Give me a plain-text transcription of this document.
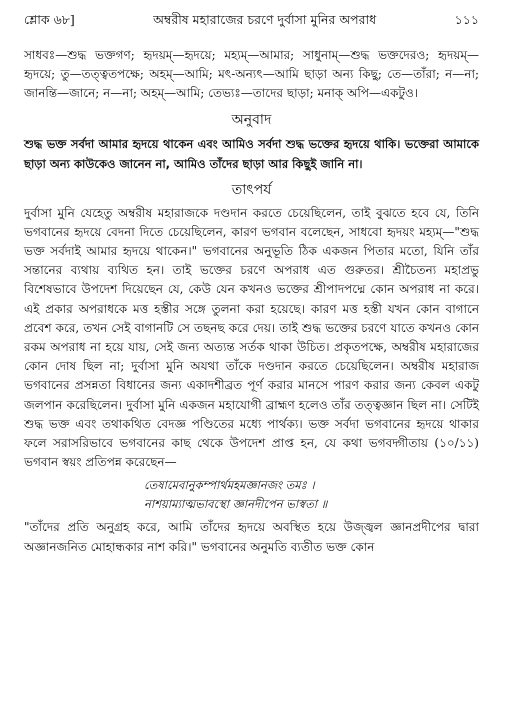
শ্লোক ৬৮]	অম্বরীষ মহারাজের চরণে দুর্বাসা মুনির অপরাধ	১১১

সাধবঃ—শুদ্ধ ভক্তগণ; হৃদয়ম্—হৃদয়ে; মহ্যম্—আমার; সাধুনাম্—শুদ্ধ ভক্তদেরও; হৃদয়ম্—হৃদয়ে; তু—তত্ত্বতপক্ষে; অহম্—আমি; মৎ-অন্যৎ—আমি ছাড়া অন্য কিছু; তে—তাঁরা; ন—না; জানন্তি—জানে; ন—না; অহম্—আমি; তেভ্যঃ—তাদের ছাড়া; মনাক্ অপি—একটুও।

অনুবাদ

শুদ্ধ ভক্ত সর্বদা আমার হৃদয়ে থাকেন এবং আমিও সর্বদা শুদ্ধ ভক্তের হৃদয়ে থাকি। ভক্তেরা আমাকে ছাড়া অন্য কাউকেও জানেন না, আমিও তাঁদের ছাড়া আর কিছুই জানি না।

তাৎপর্য

দুর্বাসা মুনি যেহেতু অম্বরীষ মহারাজকে দণ্ডদান করতে চেয়েছিলেন, তাই বুঝতে হবে যে, তিনি ভগবানের হৃদয়ে বেদনা দিতে চেয়েছিলেন, কারণ ভগবান বলেছেন, সাধবো হৃদয়ং মহ্যম্—"শুদ্ধ ভক্ত সর্বদাই আমার হৃদয়ে থাকেন।" ভগবানের অনুভূতি ঠিক একজন পিতার মতো, যিনি তাঁর সন্তানের ব্যথায় ব্যথিত হন। তাই ভক্তের চরণে অপরাধ এত গুরুতর। শ্রীচৈতন্য মহাপ্রভু বিশেষভাবে উপদেশ দিয়েছেন যে, কেউ যেন কখনও ভক্তের শ্রীপাদপদ্মে কোন অপরাধ না করে। এই প্রকার অপরাধকে মত্ত হস্তীর সঙ্গে তুলনা করা হয়েছে। কারণ মত্ত হস্তী যখন কোন বাগানে প্রবেশ করে, তখন সেই বাগানটি সে তছনছ করে দেয়। তাই শুদ্ধ ভক্তের চরণে যাতে কখনও কোন রকম অপরাধ না হয়ে যায়, সেই জন্য অত্যন্ত সর্তক থাকা উচিত। প্রকৃতপক্ষে, অম্বরীষ মহারাজের কোন দোষ ছিল না; দুর্বাসা মুনি অযথা তাঁকে দণ্ডদান করতে চেয়েছিলেন। অম্বরীষ মহারাজ ভগবানের প্রসন্নতা বিধানের জন্য একাদশীব্রত পূর্ণ করার মানসে পারণ করার জন্য কেবল একটু জলপান করেছিলেন। দুর্বাসা মুনি একজন মহাযোগী ব্রাহ্মণ হলেও তাঁর তত্ত্বজ্ঞান ছিল না। সেটিই শুদ্ধ ভক্ত এবং তথাকথিত বেদজ্ঞ পণ্ডিতের মধ্যে পার্থক্য। ভক্ত সর্বদা ভগবানের হৃদয়ে থাকার ফলে সরাসরিভাবে ভগবানের কাছ থেকে উপদেশ প্রাপ্ত হন, যে কথা ভগবদ্গীতায় (১০/১১) ভগবান স্বয়ং প্রতিপন্ন করেছেন—

তেষামেবানুকম্পার্থমহমজ্ঞানজং তমঃ ।
নাশয়াম্যাত্মভাবস্থো জ্ঞানদীপেন ভাস্বতা ॥

"তাঁদের প্রতি অনুগ্রহ করে, আমি তাঁদের হৃদয়ে অবস্থিত হয়ে উজ্জ্বল জ্ঞানপ্রদীপের দ্বারা অজ্ঞানজনিত মোহান্ধকার নাশ করি।" ভগবানের অনুমতি ব্যতীত ভক্ত কোন
